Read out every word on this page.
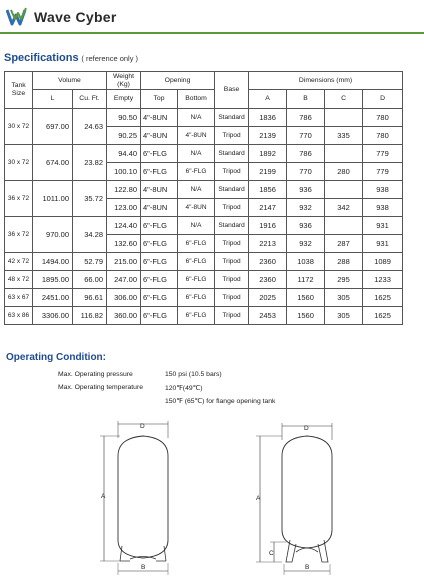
Wave Cyber
Specifications ( reference only )
Tank Size	Volume		Weight (Kg)	Opening		Base	Dimensions (mm)			
	L	Cu. Ft.	Empty	Top	Bottom		A	B	C	D
30 x 72	697.00	24.63	90.50	4"-8UN	N/A	Standard	1836	786		780
			90.25	4"-8UN	4"-8UN	Tripod	2139	770	335	780
30 x 72	674.00	23.82	94.40	6"-FLG	N/A	Standard	1892	786		779
			100.10	6"-FLG	6"-FLG	Tripod	2199	770	280	779
36 x 72	1011.00	35.72	122.80	4"-8UN	N/A	Standard	1856	936		938
			123.00	4"-8UN	4"-8UN	Tripod	2147	932	342	938
36 x 72	970.00	34.28	124.40	6"-FLG	N/A	Standard	1916	936		931
			132.60	6"-FLG	6"-FLG	Tripod	2213	932	287	931
42 x 72	1494.00	52.79	215.00	6"-FLG	6"-FLG	Tripod	2360	1038	288	1089
48 x 72	1895.00	66.00	247.00	6"-FLG	6"-FLG	Tripod	2360	1172	295	1233
63 x 67	2451.00	96.61	306.00	6"-FLG	6"-FLG	Tripod	2025	1560	305	1625
63 x 86	3306.00	116.82	360.00	6"-FLG	6"-FLG	Tripod	2453	1560	305	1625
Operating Condition:
Max. Operating pressure	150 psi (10.5 bars)
Max. Operating temperature	120℉(49℃)
150℉ (65℃) for flange opening tank
D
A
B
D
A
C
B
